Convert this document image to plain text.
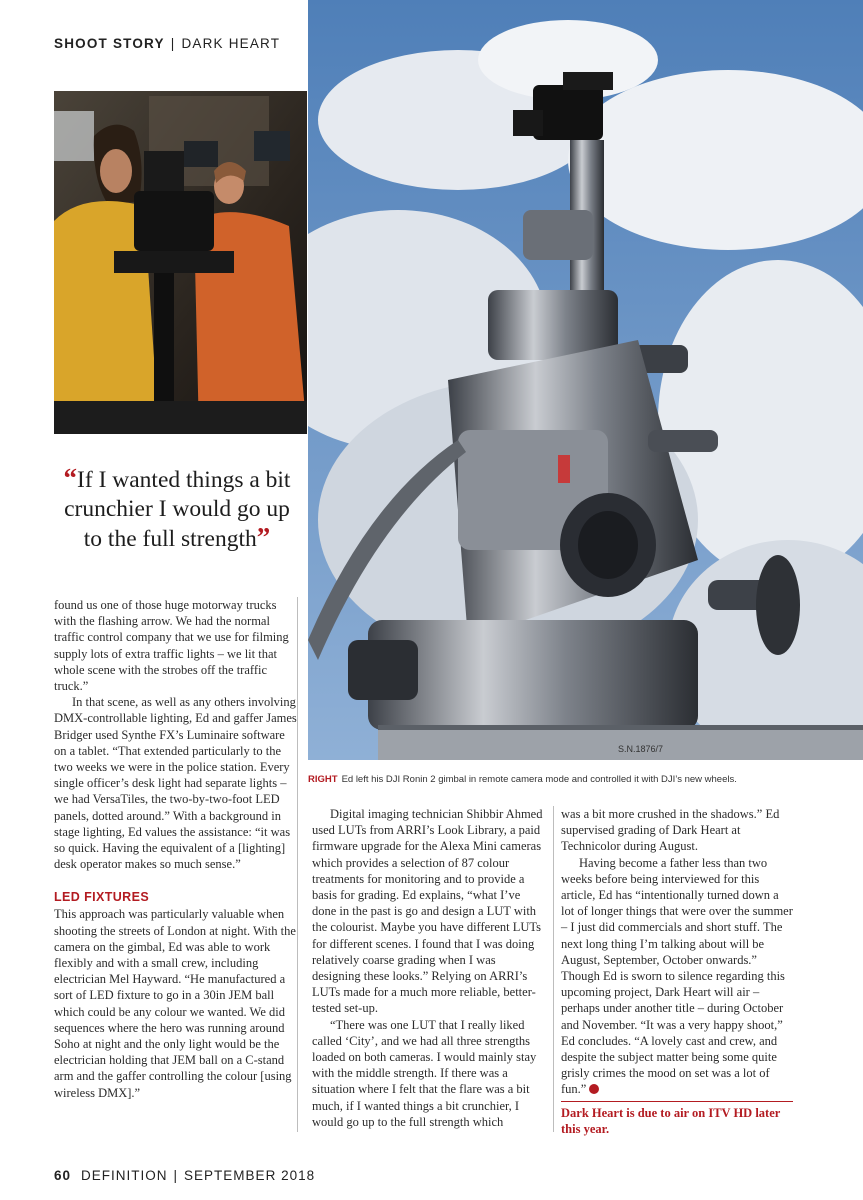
SHOOT STORY | DARK HEART
S.N.1876/7
“If I wanted things a bit crunchier I would go up to the full strength”

found us one of those huge motorway trucks with the flashing arrow. We had the normal traffic control company that we use for filming supply lots of extra traffic lights – we lit that whole scene with the strobes off the traffic truck.”

In that scene, as well as any others involving DMX-controllable lighting, Ed and gaffer James Bridger used Synthe FX’s Luminaire software on a tablet. “That extended particularly to the two weeks we were in the police station. Every single officer’s desk light had separate lights – we had VersaTiles, the two-by-two-foot LED panels, dotted around.” With a background in stage lighting, Ed values the assistance: “it was so quick. Having the equivalent of a [lighting] desk operator makes so much sense.”

LED FIXTURES

This approach was particularly valuable when shooting the streets of London at night. With the camera on the gimbal, Ed was able to work flexibly and with a small crew, including electrician Mel Hayward. “He manufactured a sort of LED fixture to go in a 30in JEM ball which could be any colour we wanted. We did sequences where the hero was running around Soho at night and the only light would be the electrician holding that JEM ball on a C-stand arm and the gaffer controlling the colour [using wireless DMX].”

Digital imaging technician Shibbir Ahmed used LUTs from ARRI’s Look Library, a paid firmware upgrade for the Alexa Mini cameras which provides a selection of 87 colour treatments for monitoring and to provide a basis for grading. Ed explains, “what I’ve done in the past is go and design a LUT with the colourist. Maybe you have different LUTs for different scenes. I found that I was doing relatively coarse grading when I was designing these looks.” Relying on ARRI’s LUTs made for a much more reliable, better-tested set-up.

“There was one LUT that I really liked called ‘City’, and we had all three strengths loaded on both cameras. I would mainly stay with the middle strength. If there was a situation where I felt that the flare was a bit much, if I wanted things a bit crunchier, I would go up to the full strength which

was a bit more crushed in the shadows.” Ed supervised grading of Dark Heart at Technicolor during August.

Having become a father less than two weeks before being interviewed for this article, Ed has “intentionally turned down a lot of longer things that were over the summer – I just did commercials and short stuff. The next long thing I’m talking about will be August, September, October onwards.” Though Ed is sworn to silence regarding this upcoming project, Dark Heart will air – perhaps under another title – during October and November. “It was a very happy shoot,” Ed concludes. “A lovely cast and crew, and despite the subject matter being some quite grisly crimes the mood on set was a lot of fun.”

Dark Heart is due to air on ITV HD later this year.
RIGHT Ed left his DJI Ronin 2 gimbal in remote camera mode and controlled it with DJI’s new wheels.
60 DEFINITION | SEPTEMBER 2018
